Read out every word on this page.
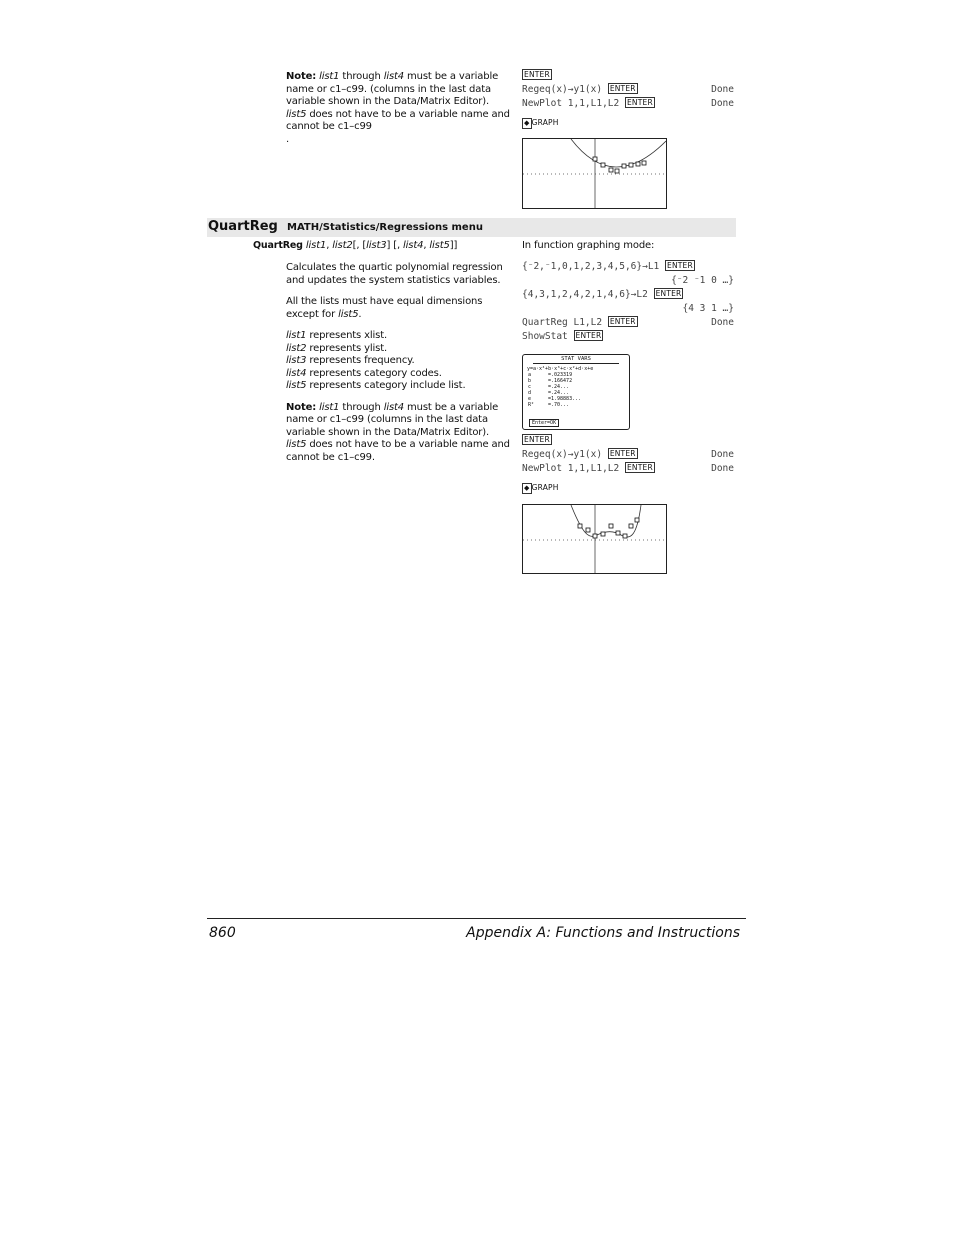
Note: list1 through list4 must be a variable name or c1–c99. (columns in the last data variable shown in the Data/Matrix Editor). list5 does not have to be a variable name and cannot be c1–c99
.
ENTER
Regeq(x)→y1(x) ENTER	Done
NewPlot 1,1,L1,L2 ENTER	Done
◆ GRAPH
QuartReg MATH/Statistics/Regressions menu
QuartReg list1, list2[, [list3] [, list4, list5]]

Calculates the quartic polynomial regression and updates the system statistics variables.

All the lists must have equal dimensions except for list5.

list1 represents xlist.
list2 represents ylist.
list3 represents frequency.
list4 represents category codes.
list5 represents category include list.

Note: list1 through list4 must be a variable name or c1–c99 (columns in the last data variable shown in the Data/Matrix Editor). list5 does not have to be a variable name and cannot be c1–c99.

In function graphing mode:
{⁻2,⁻1,0,1,2,3,4,5,6}→L1 ENTER
{⁻2 ⁻1 0 …}
{4,3,1,2,4,2,1,4,6}→L2 ENTER
{4 3 1 …}
QuartReg L1,L2 ENTER	Done
ShowStat ENTER
STAT VARS
y=a·x⁴+b·x³+c·x²+d·x+e
a	=.023319
b	=.166472
c	=.24...
d	=.24...
e	=1.98883...
R²	=.70...
Enter=OK
ENTER
Regeq(x)→y1(x) ENTER	Done
NewPlot 1,1,L1,L2 ENTER	Done
◆ GRAPH
860	Appendix A: Functions and Instructions
